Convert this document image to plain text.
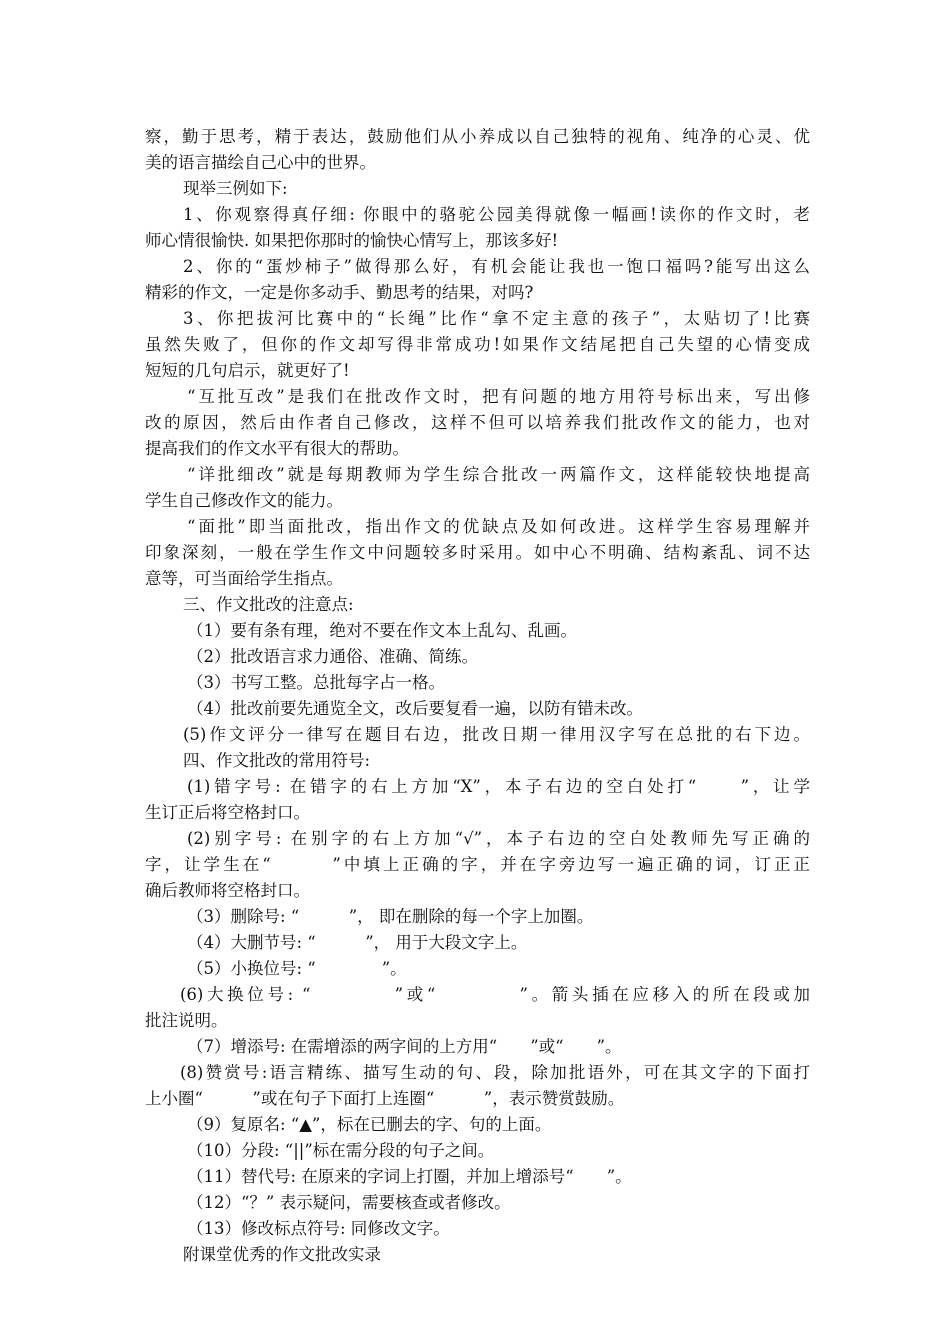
察，勤于思考，精于表达，鼓励他们从小养成以自己独特的视角、纯净的心灵、优
美的语言描绘自己心中的世界。
现举三例如下:
1、你观察得真仔细: 你眼中的骆驼公园美得就像一幅画!读你的作文时，老
师心情很愉快. 如果把你那时的愉快心情写上，那该多好!
2、你的“蛋炒柿子”做得那么好，有机会能让我也一饱口福吗?能写出这么
精彩的作文，一定是你多动手、勤思考的结果，对吗?
3、你把拔河比赛中的“长绳”比作“拿不定主意的孩子”，太贴切了!比赛
虽然失败了，但你的作文却写得非常成功!如果作文结尾把自己失望的心情变成
短短的几句启示，就更好了!
“互批互改”是我们在批改作文时，把有问题的地方用符号标出来，写出修
改的原因，然后由作者自己修改，这样不但可以培养我们批改作文的能力，也对
提高我们的作文水平有很大的帮助。
“详批细改”就是每期教师为学生综合批改一两篇作文，这样能较快地提高
学生自己修改作文的能力。
“面批”即当面批改，指出作文的优缺点及如何改进。这样学生容易理解并
印象深刻，一般在学生作文中问题较多时采用。如中心不明确、结构紊乱、词不达
意等，可当面给学生指点。
三、作文批改的注意点:
（1）要有条有理，绝对不要在作文本上乱勾、乱画。
（2）批改语言求力通俗、准确、简练。
（3）书写工整。总批每字占一格。
（4）批改前要先通览全文，改后要复看一遍，以防有错未改。
(5)作文评分一律写在题目右边，批改日期一律用汉字写在总批的右下边。
四、作文批改的常用符号:
(1)错字号: 在错字的右上方加“X”，本子右边的空白处打“　　”，让学
生订正后将空格封口。
(2)别字号: 在别字的右上方加“√”，本子右边的空白处教师先写正确的
字，让学生在“　　　”中填上正确的字，并在字旁边写一遍正确的词，订正正
确后教师将空格封口。
（3）删除号: “　　　”， 即在删除的每一个字上加圈。
（4）大删节号: “　　　”， 用于大段文字上。
（5）小换位号: “　　　　”。
(6)大换位号: “　　　　”或“　　　　”。箭头插在应移入的所在段或加
批注说明。
（7）增添号: 在需增添的两字间的上方用“　　”或“　　”。
(8)赞赏号:语言精练、描写生动的句、段，除加批语外，可在其文字的下面打
上小圈“　　　”或在句子下面打上连圈“　　　”，表示赞赏鼓励。
（9）复原名: “▲”，标在已删去的字、句的上面。
（10）分段: “||”标在需分段的句子之间。
（11）替代号: 在原来的字词上打圈，并加上增添号“　　”。
（12）“？” 表示疑问，需要核查或者修改。
（13）修改标点符号: 同修改文字。
附课堂优秀的作文批改实录
